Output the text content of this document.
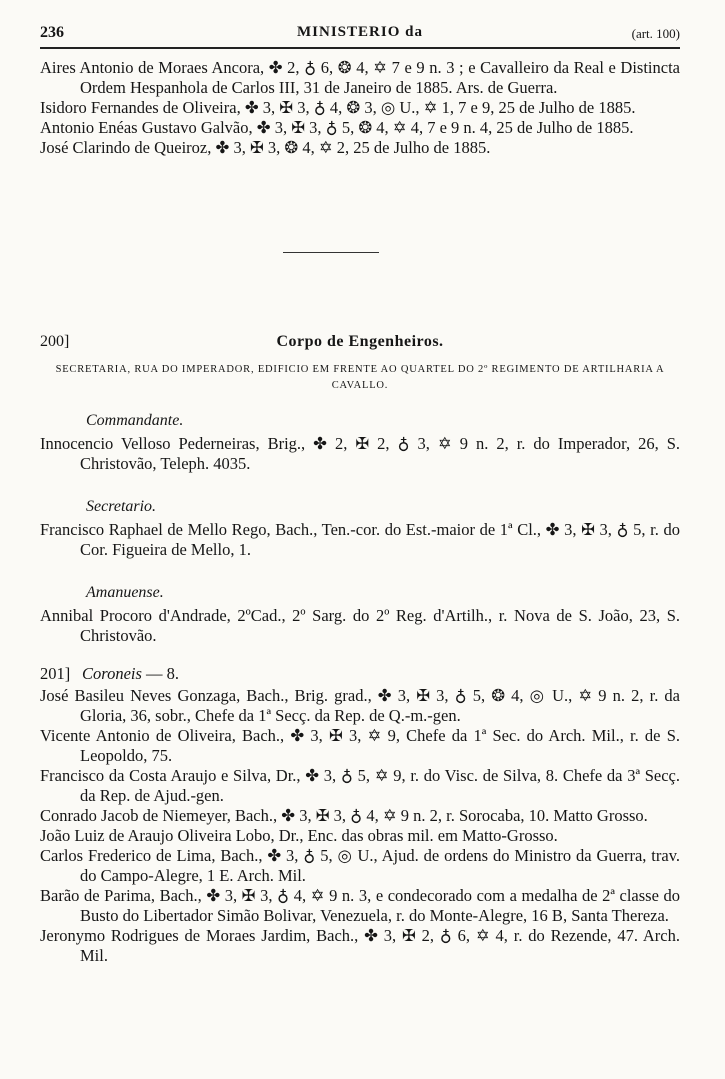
236	MINISTERIO da	(art. 100)

Aires Antonio de Moraes Ancora, ✤ 2, ♁ 6, ❂ 4, ✡ 7 e 9 n. 3 ; e Cavalleiro da Real e Distincta Ordem Hespanhola de Carlos III, 31 de Janeiro de 1885. Ars. de Guerra.

Isidoro Fernandes de Oliveira, ✤ 3, ✠ 3, ♁ 4, ❂ 3, ◎ U., ✡ 1, 7 e 9, 25 de Julho de 1885.

Antonio Enéas Gustavo Galvão, ✤ 3, ✠ 3, ♁ 5, ❂ 4, ✡ 4, 7 e 9 n. 4, 25 de Julho de 1885.

José Clarindo de Queiroz, ✤ 3, ✠ 3, ❂ 4, ✡ 2, 25 de Julho de 1885.

200]	Corpo de Engenheiros.
SECRETARIA, RUA DO IMPERADOR, EDIFICIO EM FRENTE AO QUARTEL DO 2º REGIMENTO DE ARTILHARIA A CAVALLO.
Commandante.

Innocencio Velloso Pederneiras, Brig., ✤ 2, ✠ 2, ♁ 3, ✡ 9 n. 2, r. do Imperador, 26, S. Christovão, Teleph. 4035.

Secretario.

Francisco Raphael de Mello Rego, Bach., Ten.-cor. do Est.-maior de 1ª Cl., ✤ 3, ✠ 3, ♁ 5, r. do Cor. Figueira de Mello, 1.

Amanuense.

Annibal Procoro d'Andrade, 2ºCad., 2º Sarg. do 2º Reg. d'Artilh., r. Nova de S. João, 23, S. Christovão.

201] Coroneis — 8.

José Basileu Neves Gonzaga, Bach., Brig. grad., ✤ 3, ✠ 3, ♁ 5, ❂ 4, ◎ U., ✡ 9 n. 2, r. da Gloria, 36, sobr., Chefe da 1ª Secç. da Rep. de Q.-m.-gen.

Vicente Antonio de Oliveira, Bach., ✤ 3, ✠ 3, ✡ 9, Chefe da 1ª Sec. do Arch. Mil., r. de S. Leopoldo, 75.

Francisco da Costa Araujo e Silva, Dr., ✤ 3, ♁ 5, ✡ 9, r. do Visc. de Silva, 8. Chefe da 3ª Secç. da Rep. de Ajud.-gen.

Conrado Jacob de Niemeyer, Bach., ✤ 3, ✠ 3, ♁ 4, ✡ 9 n. 2, r. Sorocaba, 10. Matto Grosso.

João Luiz de Araujo Oliveira Lobo, Dr., Enc. das obras mil. em Matto-Grosso.

Carlos Frederico de Lima, Bach., ✤ 3, ♁ 5, ◎ U., Ajud. de ordens do Ministro da Guerra, trav. do Campo-Alegre, 1 E. Arch. Mil.

Barão de Parima, Bach., ✤ 3, ✠ 3, ♁ 4, ✡ 9 n. 3, e condecorado com a medalha de 2ª classe do Busto do Libertador Simão Bolivar, Venezuela, r. do Monte-Alegre, 16 B, Santa Thereza.

Jeronymo Rodrigues de Moraes Jardim, Bach., ✤ 3, ✠ 2, ♁ 6, ✡ 4, r. do Rezende, 47. Arch. Mil.
